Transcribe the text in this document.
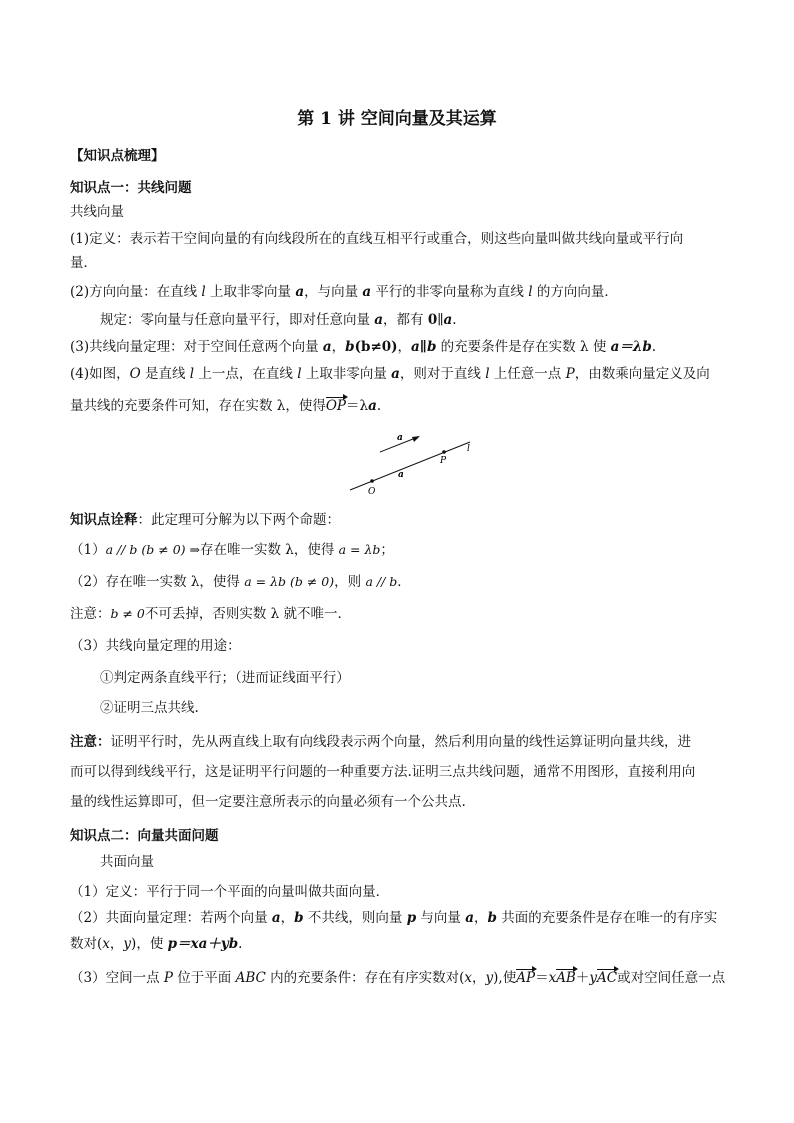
第 1 讲 空间向量及其运算
【知识点梳理】
知识点一：共线问题
共线向量
(1)定义：表示若干空间向量的有向线段所在的直线互相平行或重合，则这些向量叫做共线向量或平行向
量．
(2)方向向量：在直线 l 上取非零向量 a，与向量 a 平行的非零向量称为直线 l 的方向向量．
规定：零向量与任意向量平行，即对任意向量 a，都有 0∥a.
(3)共线向量定理：对于空间任意两个向量 a，b(b≠0)，a∥b 的充要条件是存在实数 λ 使 a＝λb.
(4)如图，O 是直线 l 上一点，在直线 l 上取非零向量 a，则对于直线 l 上任意一点 P，由数乘向量定义及向
量共线的充要条件可知，存在实数 λ，使得OP＝λa.
a
l
P
a
O
知识点诠释：此定理可分解为以下两个命题：
（1）a // b (b ≠ 0) ⇒存在唯一实数 λ，使得 a = λb；
（2）存在唯一实数 λ，使得 a = λb (b ≠ 0)，则 a // b．
注意：b ≠ 0不可丢掉，否则实数 λ 就不唯一．
（3）共线向量定理的用途：
①判定两条直线平行；（进而证线面平行）
②证明三点共线.
注意：证明平行时，先从两直线上取有向线段表示两个向量，然后利用向量的线性运算证明向量共线，进
而可以得到线线平行，这是证明平行问题的一种重要方法.证明三点共线问题，通常不用图形，直接利用向
量的线性运算即可，但一定要注意所表示的向量必须有一个公共点.
知识点二：向量共面问题
共面向量
（1）定义：平行于同一个平面的向量叫做共面向量．
（2）共面向量定理：若两个向量 a，b 不共线，则向量 p 与向量 a，b 共面的充要条件是存在唯一的有序实
数对(x，y)，使 p＝xa＋yb.
（3）空间一点 P 位于平面 ABC 内的充要条件：存在有序实数对(x，y),使AP＝xAB＋yAC或对空间任意一点
